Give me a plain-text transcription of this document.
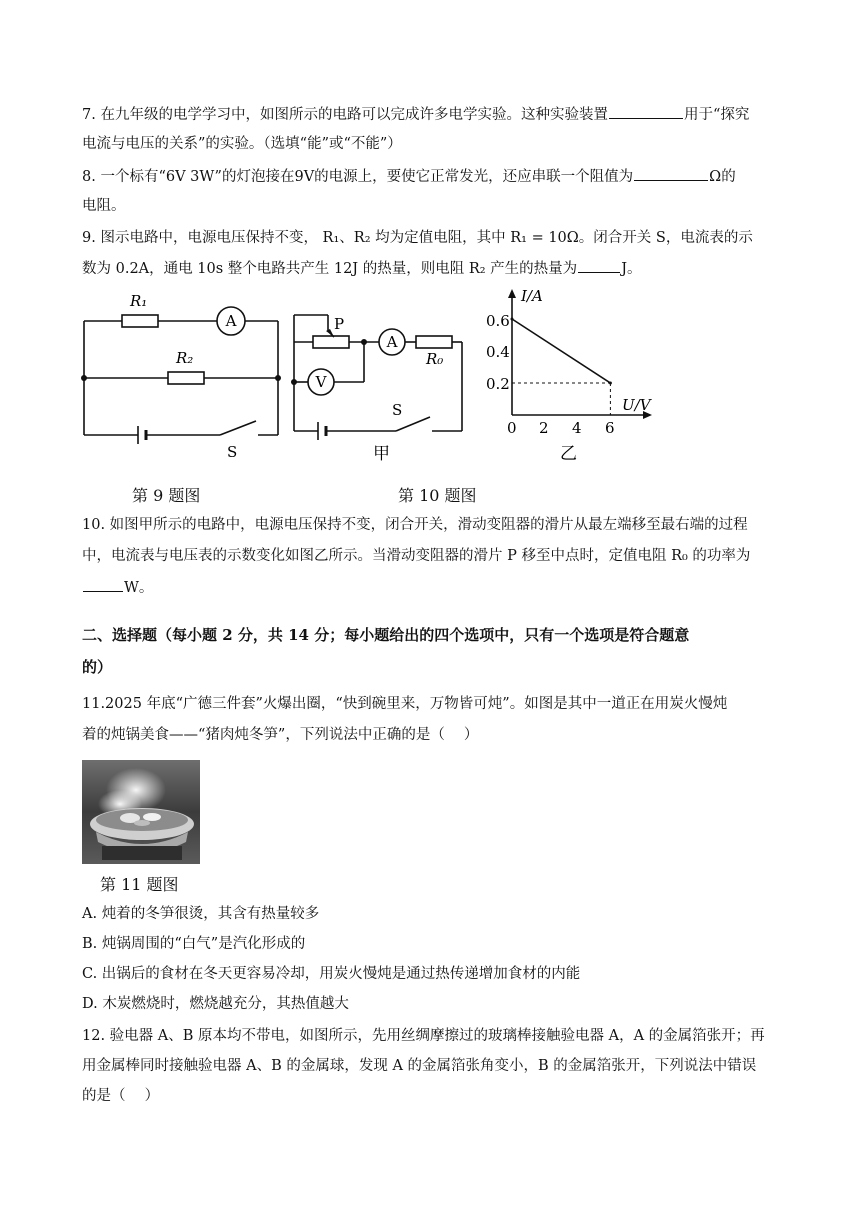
7. 在九年级的电学学习中，如图所示的电路可以完成许多电学实验。这种实验装置	用于“探究
电流与电压的关系”的实验。（选填“能”或“不能”）
8. 一个标有“6V 3W”的灯泡接在9V的电源上，要使它正常发光，还应串联一个阻值为	Ω的
电阻。
9. 图示电路中，电源电压保持不变， R₁、R₂ 均为定值电阻，其中 R₁ = 10Ω。闭合开关 S，电流表的示
数为 0.2A，通电 10s 整个电路共产生 12J 的热量，则电阻 R₂ 产生的热量为	J。
R₁
R₂
A
S
P
A
V
R₀
S
甲
I/A
U/V
0.6
0.4
0.2
0 2 4 6
乙
第 9 题图	第 10 题图
10. 如图甲所示的电路中，电源电压保持不变，闭合开关，滑动变阻器的滑片从最左端移至最右端的过程
中，电流表与电压表的示数变化如图乙所示。当滑动变阻器的滑片 P 移至中点时，定值电阻 R₀ 的功率为
W。
二、选择题（每小题 2 分，共 14 分；每小题给出的四个选项中，只有一个选项是符合题意
的）
11.2025 年底“广德三件套”火爆出圈，“快到碗里来，万物皆可炖”。如图是其中一道正在用炭火慢炖
着的炖锅美食——“猪肉炖冬笋”，下列说法中正确的是（　 ）
第 11 题图
A. 炖着的冬笋很烫，其含有热量较多
B. 炖锅周围的“白气”是汽化形成的
C. 出锅后的食材在冬天更容易冷却，用炭火慢炖是通过热传递增加食材的内能
D. 木炭燃烧时，燃烧越充分，其热值越大
12. 验电器 A、B 原本均不带电，如图所示，先用丝绸摩擦过的玻璃棒接触验电器 A，A 的金属箔张开；再
用金属棒同时接触验电器 A、B 的金属球，发现 A 的金属箔张角变小，B 的金属箔张开，下列说法中错误
的是（　 ）
